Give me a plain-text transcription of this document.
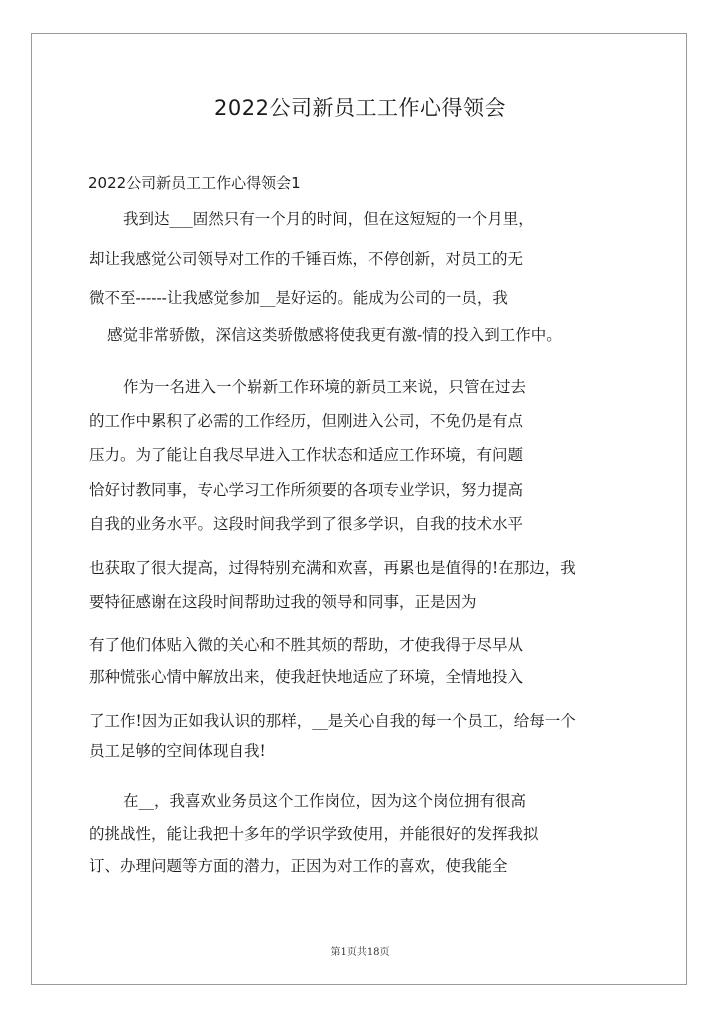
2022公司新员工工作心得领会
2022公司新员工工作心得领会1
我到达___固然只有一个月的时间，但在这短短的一个月里，
却让我感觉公司领导对工作的千锤百炼，不停创新，对员工的无
微不至------让我感觉参加__是好运的。能成为公司的一员，我
感觉非常骄傲，深信这类骄傲感将使我更有激-情的投入到工作中。
作为一名进入一个崭新工作环境的新员工来说，只管在过去
的工作中累积了必需的工作经历，但刚进入公司，不免仍是有点
压力。为了能让自我尽早进入工作状态和适应工作环境，有问题
恰好讨教同事，专心学习工作所须要的各项专业学识，努力提高
自我的业务水平。这段时间我学到了很多学识，自我的技术水平
也获取了很大提高，过得特别充满和欢喜，再累也是值得的!在那边，我
要特征感谢在这段时间帮助过我的领导和同事，正是因为
有了他们体贴入微的关心和不胜其烦的帮助，才使我得于尽早从
那种慌张心情中解放出来，使我赶快地适应了环境，全情地投入
了工作!因为正如我认识的那样，__是关心自我的每一个员工，给每一个
员工足够的空间体现自我!
在__，我喜欢业务员这个工作岗位，因为这个岗位拥有很高
的挑战性，能让我把十多年的学识学致使用，并能很好的发挥我拟
订、办理问题等方面的潜力，正因为对工作的喜欢，使我能全
第1页共18页
